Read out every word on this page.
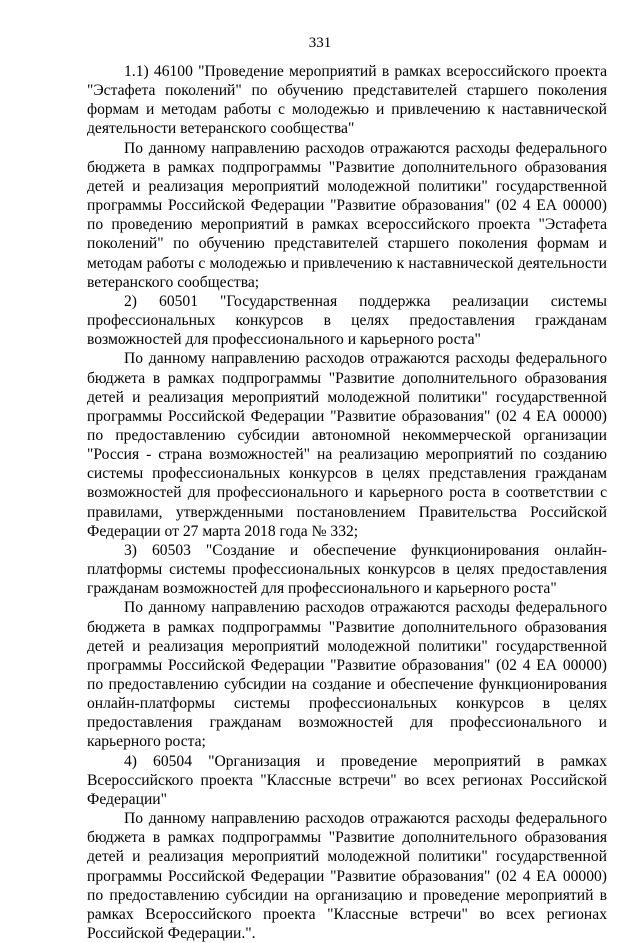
331

1.1) 46100 "Проведение мероприятий в рамках всероссийского проекта "Эстафета поколений" по обучению представителей старшего поколения формам и методам работы с молодежью и привлечению к наставнической деятельности ветеранского сообщества"

По данному направлению расходов отражаются расходы федерального бюджета в рамках подпрограммы "Развитие дополнительного образования детей и реализация мероприятий молодежной политики" государственной программы Российской Федерации "Развитие образования" (02 4 ЕА 00000) по проведению мероприятий в рамках всероссийского проекта "Эстафета поколений" по обучению представителей старшего поколения формам и методам работы с молодежью и привлечению к наставнической деятельности ветеранского сообщества;

2) 60501 "Государственная поддержка реализации системы профессиональных конкурсов в целях предоставления гражданам возможностей для профессионального и карьерного роста"

По данному направлению расходов отражаются расходы федерального бюджета в рамках подпрограммы "Развитие дополнительного образования детей и реализация мероприятий молодежной политики" государственной программы Российской Федерации "Развитие образования" (02 4 ЕА 00000) по предоставлению субсидии автономной некоммерческой организации "Россия - страна возможностей" на реализацию мероприятий по созданию системы профессиональных конкурсов в целях представления гражданам возможностей для профессионального и карьерного роста в соответствии с правилами, утвержденными постановлением Правительства Российской Федерации от 27 марта 2018 года № 332;

3) 60503 "Создание и обеспечение функционирования онлайн-платформы системы профессиональных конкурсов в целях предоставления гражданам возможностей для профессионального и карьерного роста"

По данному направлению расходов отражаются расходы федерального бюджета в рамках подпрограммы "Развитие дополнительного образования детей и реализация мероприятий молодежной политики" государственной программы Российской Федерации "Развитие образования" (02 4 ЕА 00000) по предоставлению субсидии на создание и обеспечение функционирования онлайн-платформы системы профессиональных конкурсов в целях предоставления гражданам возможностей для профессионального и карьерного роста;

4) 60504 "Организация и проведение мероприятий в рамках Всероссийского проекта "Классные встречи" во всех регионах Российской Федерации"

По данному направлению расходов отражаются расходы федерального бюджета в рамках подпрограммы "Развитие дополнительного образования детей и реализация мероприятий молодежной политики" государственной программы Российской Федерации "Развитие образования" (02 4 ЕА 00000) по предоставлению субсидии на организацию и проведение мероприятий в рамках Всероссийского проекта "Классные встречи" во всех регионах Российской Федерации.".
